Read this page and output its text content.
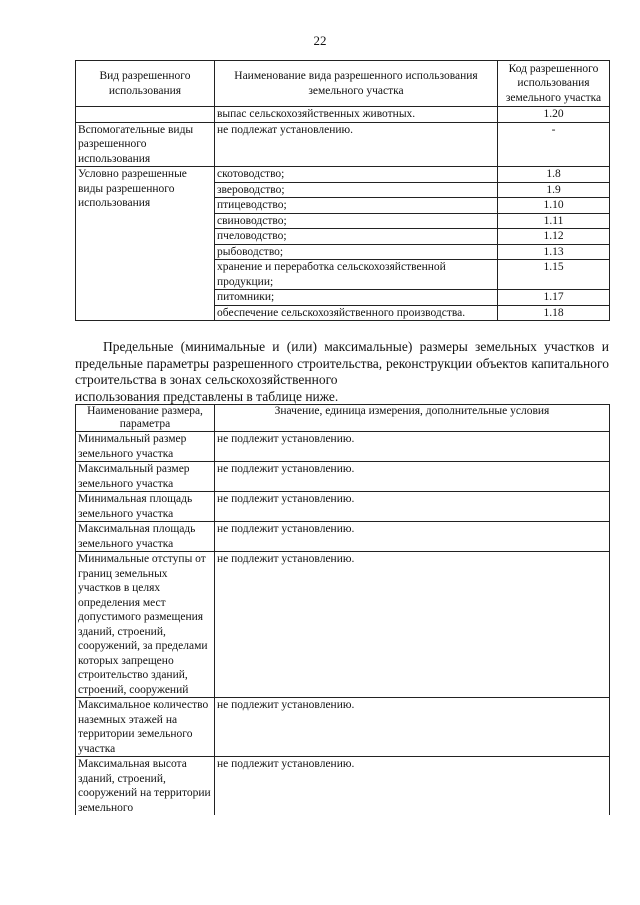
22
Вид разрешенного использования	Наименование вида разрешенного использования земельного участка	Код разрешенного использования земельного участка
	выпас сельскохозяйственных животных.	1.20
Вспомогательные виды разрешенного использования	не подлежат установлению.	-
Условно разрешенные виды разрешенного использования	скотоводство;	1.8
	звероводство;	1.9
	птицеводство;	1.10
	свиноводство;	1.11
	пчеловодство;	1.12
	рыбоводство;	1.13
	хранение и переработка сельскохозяйственной продукции;	1.15
	питомники;	1.17
	обеспечение сельскохозяйственного производства.	1.18

Предельные (минимальные и (или) максимальные) размеры земельных участков и предельные параметры разрешенного строительства, реконструкции объектов капитального строительства в зонах сельскохозяйственного
использования представлены в таблице ниже.

Наименование размера, параметра	Значение, единица измерения, дополнительные условия
Минимальный размер земельного участка	не подлежит установлению.
Максимальный размер земельного участка	не подлежит установлению.
Минимальная площадь земельного участка	не подлежит установлению.
Максимальная площадь земельного участка	не подлежит установлению.
Минимальные отступы от границ земельных участков в целях определения мест допустимого размещения зданий, строений, сооружений, за пределами которых запрещено строительство зданий, строений, сооружений	не подлежит установлению.
Максимальное количество наземных этажей на территории земельного участка	не подлежит установлению.
Максимальная высота зданий, строений, сооружений на территории земельного	не подлежит установлению.
